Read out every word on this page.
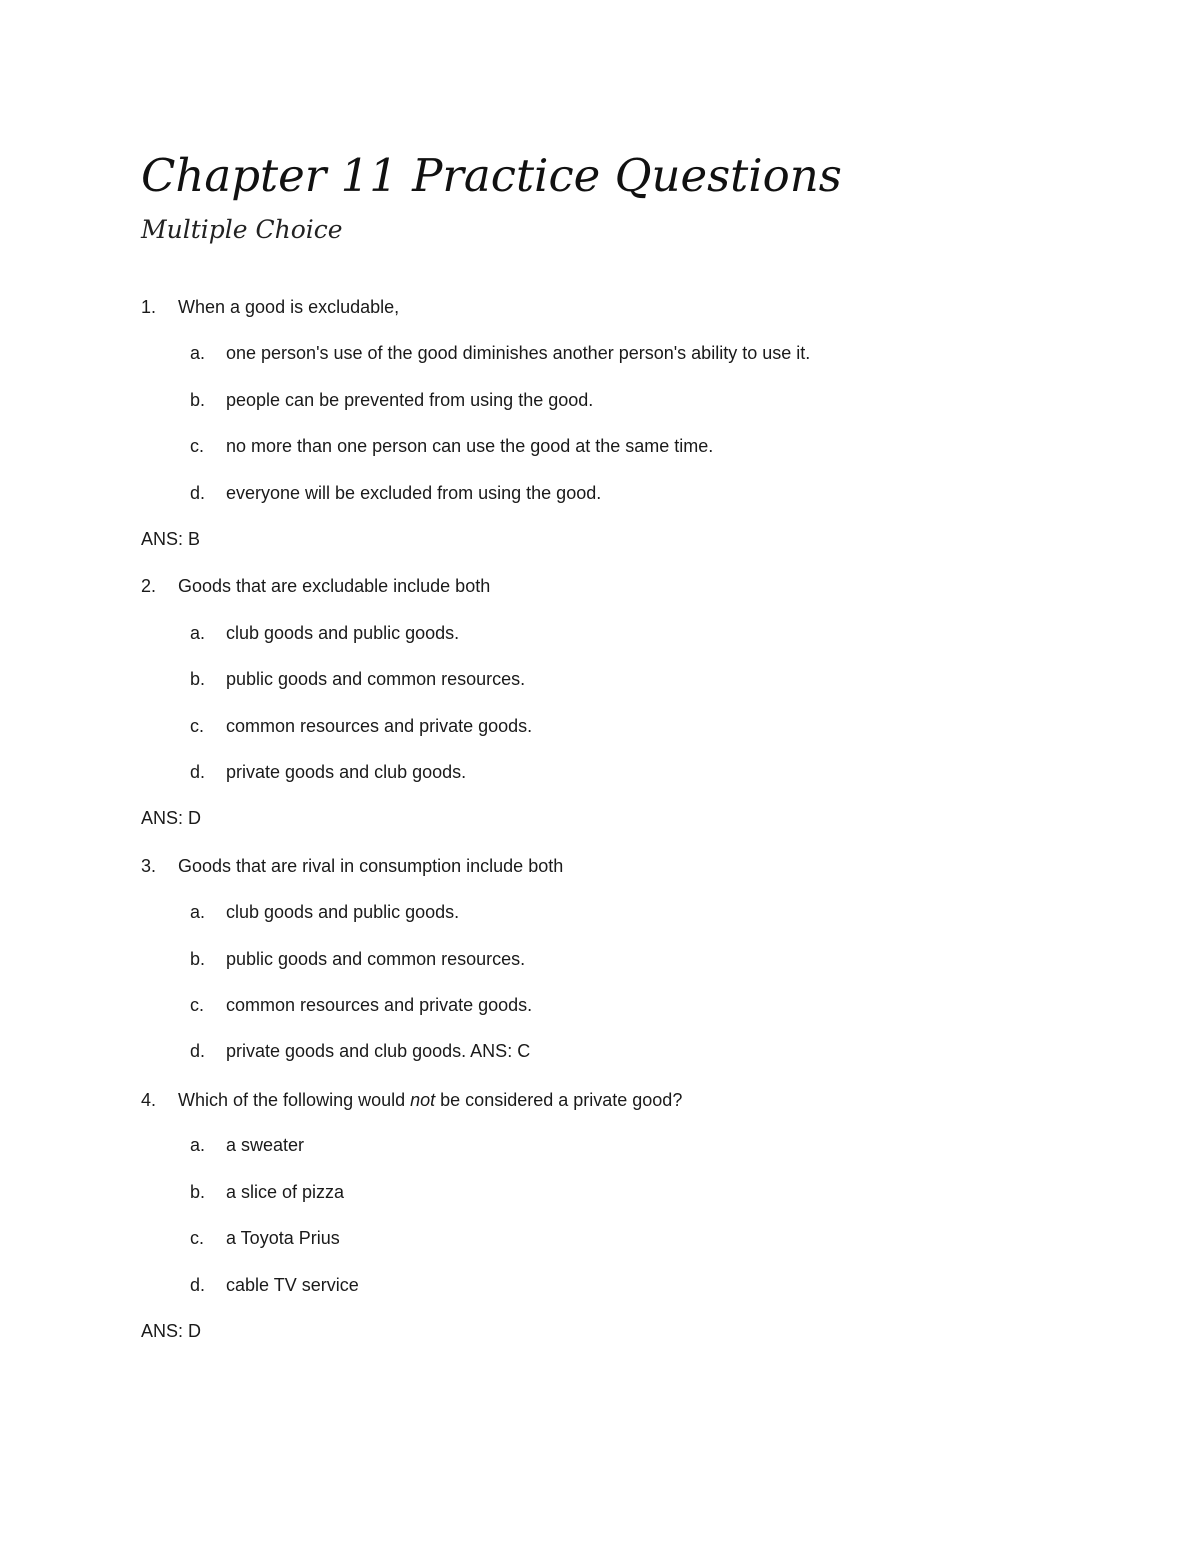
Chapter 11 Practice Questions
Multiple Choice
1. When a good is excludable,
a. one person's use of the good diminishes another person's ability to use it.
b. people can be prevented from using the good.
c. no more than one person can use the good at the same time.
d. everyone will be excluded from using the good.
ANS: B
2. Goods that are excludable include both
a. club goods and public goods.
b. public goods and common resources.
c. common resources and private goods.
d. private goods and club goods.
ANS: D
3. Goods that are rival in consumption include both
a. club goods and public goods.
b. public goods and common resources.
c. common resources and private goods.
d. private goods and club goods. ANS: C
4. Which of the following would not be considered a private good?
a. a sweater
b. a slice of pizza
c. a Toyota Prius
d. cable TV service
ANS: D
